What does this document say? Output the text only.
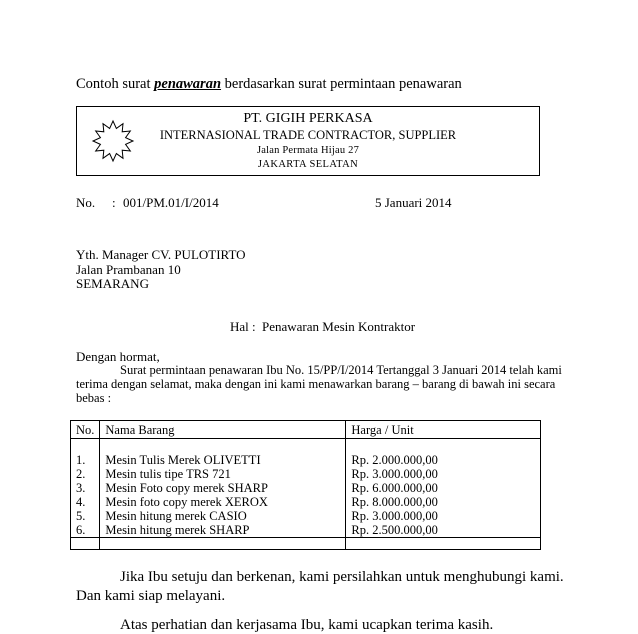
Contoh surat penawaran berdasarkan surat permintaan penawaran
PT. GIGIH PERKASA
INTERNASIONAL TRADE CONTRACTOR, SUPPLIER
Jalan Permata Hijau 27
JAKARTA SELATAN
No. : 001/PM.01/I/2014	5 Januari 2014
Yth. Manager CV. PULOTIRTO
Jalan Prambanan 10
SEMARANG
Hal : Penawaran Mesin Kontraktor
Dengan hormat,
Surat permintaan penawaran Ibu No. 15/PP/I/2014 Tertanggal 3 Januari 2014 telah kami
terima dengan selamat, maka dengan ini kami menawarkan barang – barang di bawah ini secara
bebas :
No.	Nama Barang	Harga / Unit

1.	Mesin Tulis Merek OLIVETTI	Rp. 2.000.000,00
2.	Mesin tulis tipe TRS 721	Rp. 3.000.000,00
3.	Mesin Foto copy merek SHARP	Rp. 6.000.000,00
4.	Mesin foto copy merek XEROX	Rp. 8.000.000,00
5.	Mesin hitung merek CASIO	Rp. 3.000.000,00
6.	Mesin hitung merek SHARP	Rp. 2.500.000,00

Jika Ibu setuju dan berkenan, kami persilahkan untuk menghubungi kami.
Dan kami siap melayani.
Atas perhatian dan kerjasama Ibu, kami ucapkan terima kasih.
